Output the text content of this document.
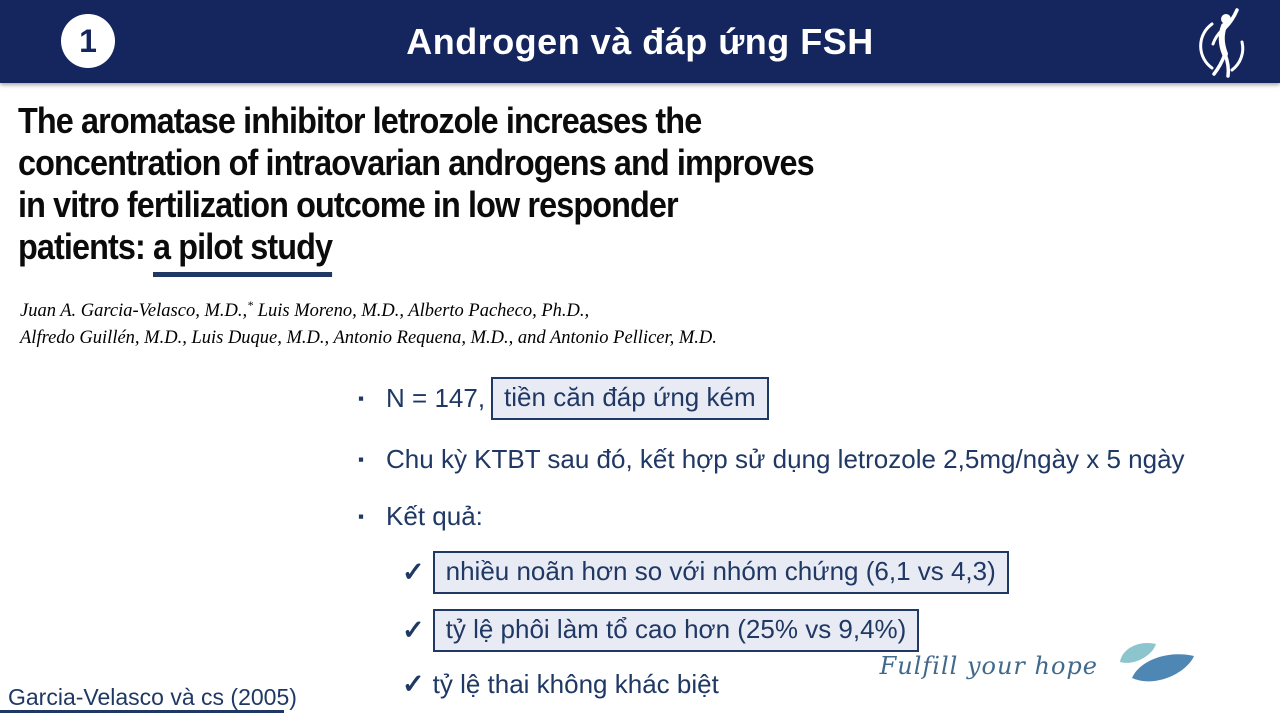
1	Androgen và đáp ứng FSH
The aromatase inhibitor letrozole increases the
concentration of intraovarian androgens and improves
in vitro fertilization outcome in low responder
patients: a pilot study
Juan A. Garcia-Velasco, M.D.,* Luis Moreno, M.D., Alberto Pacheco, Ph.D.,
Alfredo Guillén, M.D., Luis Duque, M.D., Antonio Requena, M.D., and Antonio Pellicer, M.D.
▪ N = 147, tiền căn đáp ứng kém
▪ Chu kỳ KTBT sau đó, kết hợp sử dụng letrozole 2,5mg/ngày x 5 ngày
▪ Kết quả:
✓ nhiều noãn hơn so với nhóm chứng (6,1 vs 4,3)
✓ tỷ lệ phôi làm tổ cao hơn (25% vs 9,4%)
✓ tỷ lệ thai không khác biệt
Garcia-Velasco và cs (2005)
Fulfill your hope
